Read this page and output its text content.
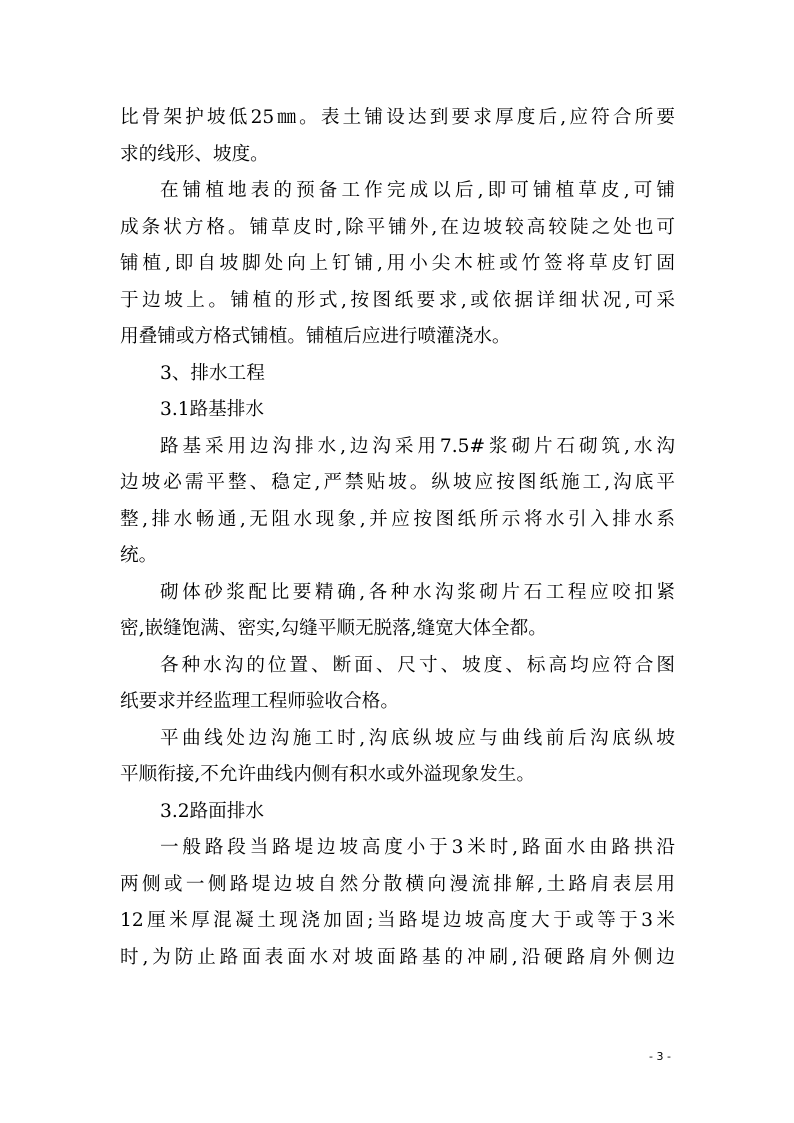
比骨架护坡低25㎜。表土铺设达到要求厚度后,应符合所要
求的线形、坡度。
在铺植地表的预备工作完成以后,即可铺植草皮,可铺
成条状方格。铺草皮时,除平铺外,在边坡较高较陡之处也可
铺植,即自坡脚处向上钉铺,用小尖木桩或竹签将草皮钉固
于边坡上。铺植的形式,按图纸要求,或依据详细状况,可采
用叠铺或方格式铺植。铺植后应进行喷灌浇水。
3、排水工程
3.1路基排水
路基采用边沟排水,边沟采用7.5#浆砌片石砌筑,水沟
边坡必需平整、稳定,严禁贴坡。纵坡应按图纸施工,沟底平
整,排水畅通,无阻水现象,并应按图纸所示将水引入排水系
统。
砌体砂浆配比要精确,各种水沟浆砌片石工程应咬扣紧
密,嵌缝饱满、密实,勾缝平顺无脱落,缝宽大体全都。
各种水沟的位置、断面、尺寸、坡度、标高均应符合图
纸要求并经监理工程师验收合格。
平曲线处边沟施工时,沟底纵坡应与曲线前后沟底纵坡
平顺衔接,不允许曲线内侧有积水或外溢现象发生。
3.2路面排水
一般路段当路堤边坡高度小于3米时,路面水由路拱沿
两侧或一侧路堤边坡自然分散横向漫流排解,土路肩表层用
12厘米厚混凝土现浇加固;当路堤边坡高度大于或等于3米
时,为防止路面表面水对坡面路基的冲刷,沿硬路肩外侧边
- 3 -
